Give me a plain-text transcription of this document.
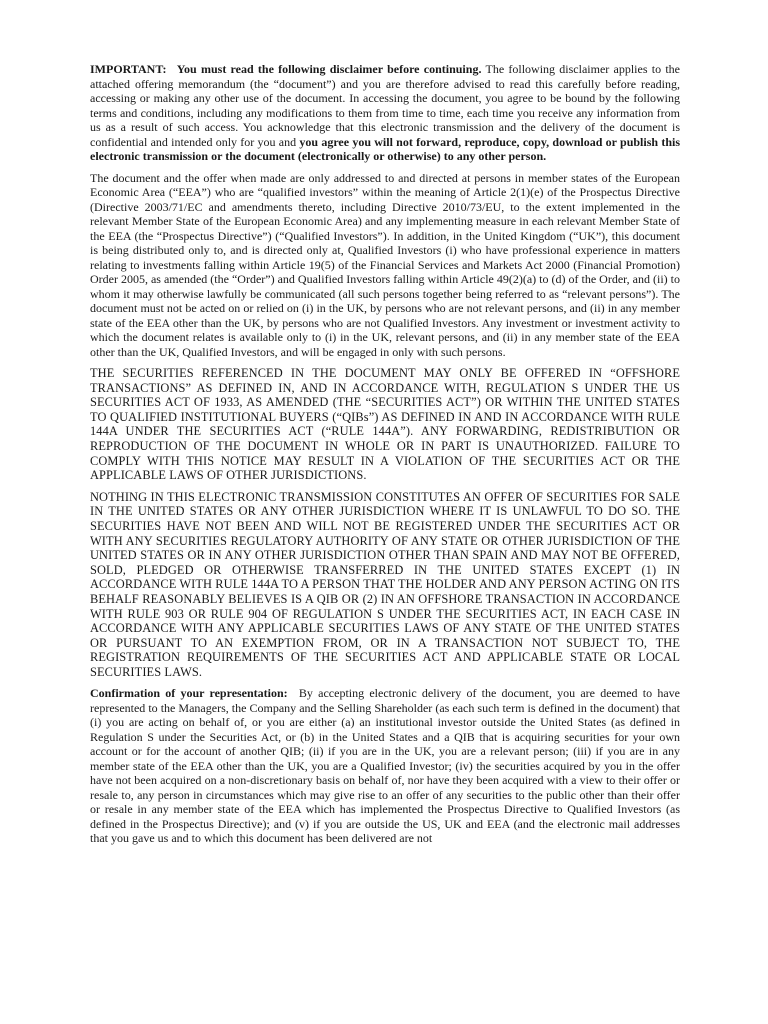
IMPORTANT: You must read the following disclaimer before continuing. The following disclaimer applies to the attached offering memorandum (the “document”) and you are therefore advised to read this carefully before reading, accessing or making any other use of the document. In accessing the document, you agree to be bound by the following terms and conditions, including any modifications to them from time to time, each time you receive any information from us as a result of such access. You acknowledge that this electronic transmission and the delivery of the document is confidential and intended only for you and you agree you will not forward, reproduce, copy, download or publish this electronic transmission or the document (electronically or otherwise) to any other person.

The document and the offer when made are only addressed to and directed at persons in member states of the European Economic Area (“EEA”) who are “qualified investors” within the meaning of Article 2(1)(e) of the Prospectus Directive (Directive 2003/71/EC and amendments thereto, including Directive 2010/73/EU, to the extent implemented in the relevant Member State of the European Economic Area) and any implementing measure in each relevant Member State of the EEA (the “Prospectus Directive”) (“Qualified Investors”). In addition, in the United Kingdom (“UK”), this document is being distributed only to, and is directed only at, Qualified Investors (i) who have professional experience in matters relating to investments falling within Article 19(5) of the Financial Services and Markets Act 2000 (Financial Promotion) Order 2005, as amended (the “Order”) and Qualified Investors falling within Article 49(2)(a) to (d) of the Order, and (ii) to whom it may otherwise lawfully be communicated (all such persons together being referred to as “relevant persons”). The document must not be acted on or relied on (i) in the UK, by persons who are not relevant persons, and (ii) in any member state of the EEA other than the UK, by persons who are not Qualified Investors. Any investment or investment activity to which the document relates is available only to (i) in the UK, relevant persons, and (ii) in any member state of the EEA other than the UK, Qualified Investors, and will be engaged in only with such persons.

THE SECURITIES REFERENCED IN THE DOCUMENT MAY ONLY BE OFFERED IN “OFFSHORE TRANSACTIONS” AS DEFINED IN, AND IN ACCORDANCE WITH, REGULATION S UNDER THE US SECURITIES ACT OF 1933, AS AMENDED (THE “SECURITIES ACT”) OR WITHIN THE UNITED STATES TO QUALIFIED INSTITUTIONAL BUYERS (“QIBs”) AS DEFINED IN AND IN ACCORDANCE WITH RULE 144A UNDER THE SECURITIES ACT (“RULE 144A”). ANY FORWARDING, REDISTRIBUTION OR REPRODUCTION OF THE DOCUMENT IN WHOLE OR IN PART IS UNAUTHORIZED. FAILURE TO COMPLY WITH THIS NOTICE MAY RESULT IN A VIOLATION OF THE SECURITIES ACT OR THE APPLICABLE LAWS OF OTHER JURISDICTIONS.

NOTHING IN THIS ELECTRONIC TRANSMISSION CONSTITUTES AN OFFER OF SECURITIES FOR SALE IN THE UNITED STATES OR ANY OTHER JURISDICTION WHERE IT IS UNLAWFUL TO DO SO. THE SECURITIES HAVE NOT BEEN AND WILL NOT BE REGISTERED UNDER THE SECURITIES ACT OR WITH ANY SECURITIES REGULATORY AUTHORITY OF ANY STATE OR OTHER JURISDICTION OF THE UNITED STATES OR IN ANY OTHER JURISDICTION OTHER THAN SPAIN AND MAY NOT BE OFFERED, SOLD, PLEDGED OR OTHERWISE TRANSFERRED IN THE UNITED STATES EXCEPT (1) IN ACCORDANCE WITH RULE 144A TO A PERSON THAT THE HOLDER AND ANY PERSON ACTING ON ITS BEHALF REASONABLY BELIEVES IS A QIB OR (2) IN AN OFFSHORE TRANSACTION IN ACCORDANCE WITH RULE 903 OR RULE 904 OF REGULATION S UNDER THE SECURITIES ACT, IN EACH CASE IN ACCORDANCE WITH ANY APPLICABLE SECURITIES LAWS OF ANY STATE OF THE UNITED STATES OR PURSUANT TO AN EXEMPTION FROM, OR IN A TRANSACTION NOT SUBJECT TO, THE REGISTRATION REQUIREMENTS OF THE SECURITIES ACT AND APPLICABLE STATE OR LOCAL SECURITIES LAWS.

Confirmation of your representation: By accepting electronic delivery of the document, you are deemed to have represented to the Managers, the Company and the Selling Shareholder (as each such term is defined in the document) that (i) you are acting on behalf of, or you are either (a) an institutional investor outside the United States (as defined in Regulation S under the Securities Act, or (b) in the United States and a QIB that is acquiring securities for your own account or for the account of another QIB; (ii) if you are in the UK, you are a relevant person; (iii) if you are in any member state of the EEA other than the UK, you are a Qualified Investor; (iv) the securities acquired by you in the offer have not been acquired on a non-discretionary basis on behalf of, nor have they been acquired with a view to their offer or resale to, any person in circumstances which may give rise to an offer of any securities to the public other than their offer or resale in any member state of the EEA which has implemented the Prospectus Directive to Qualified Investors (as defined in the Prospectus Directive); and (v) if you are outside the US, UK and EEA (and the electronic mail addresses that you gave us and to which this document has been delivered are not
